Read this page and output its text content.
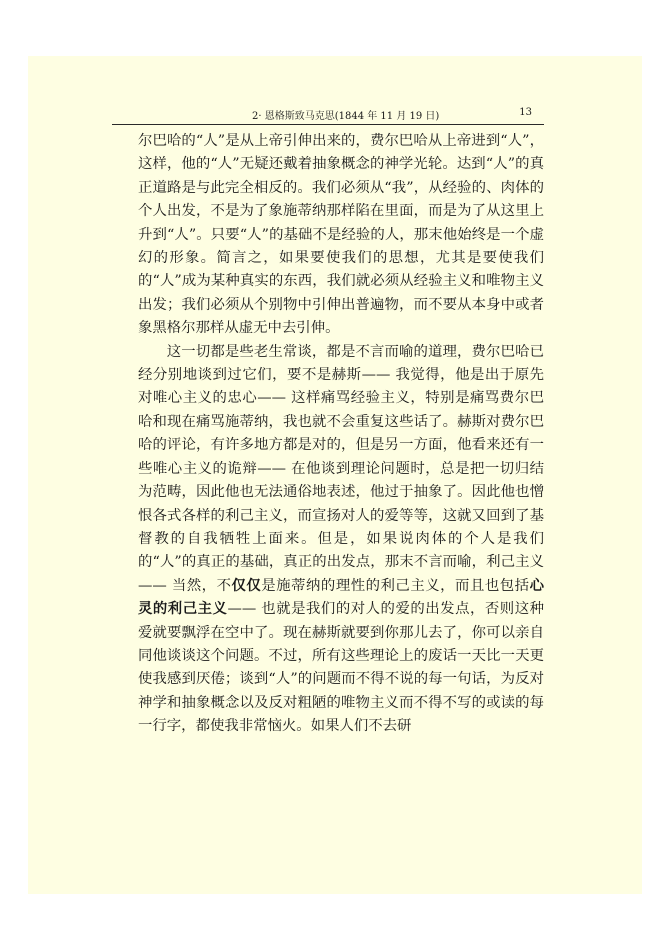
2· 恩格斯致马克思(1844 年 11 月 19 日)	13

尔巴哈的“人”是从上帝引伸出来的，费尔巴哈从上帝进到“人”，这样，他的“人”无疑还戴着抽象概念的神学光轮。达到“人”的真正道路是与此完全相反的。我们必须从“我”，从经验的、肉体的个人出发，不是为了象施蒂纳那样陷在里面，而是为了从这里上升到“人”。只要“人”的基础不是经验的人，那末他始终是一个虚幻的形象。简言之，如果要使我们的思想，尤其是要使我们的“人”成为某种真实的东西，我们就必须从经验主义和唯物主义出发；我们必须从个别物中引伸出普遍物，而不要从本身中或者象黑格尔那样从虚无中去引伸。

这一切都是些老生常谈，都是不言而喻的道理，费尔巴哈已经分别地谈到过它们，要不是赫斯—— 我觉得，他是出于原先对唯心主义的忠心—— 这样痛骂经验主义，特别是痛骂费尔巴哈和现在痛骂施蒂纳，我也就不会重复这些话了。赫斯对费尔巴哈的评论，有许多地方都是对的，但是另一方面，他看来还有一些唯心主义的诡辩—— 在他谈到理论问题时，总是把一切归结为范畴，因此他也无法通俗地表述，他过于抽象了。因此他也憎恨各式各样的利己主义，而宣扬对人的爱等等，这就又回到了基督教的自我牺牲上面来。但是，如果说肉体的个人是我们的“人”的真正的基础，真正的出发点，那末不言而喻，利己主义—— 当然，不仅仅是施蒂纳的理性的利己主义，而且也包括心灵的利己主义—— 也就是我们的对人的爱的出发点，否则这种爱就要飘浮在空中了。现在赫斯就要到你那儿去了，你可以亲自同他谈谈这个问题。不过，所有这些理论上的废话一天比一天更使我感到厌倦；谈到“人”的问题而不得不说的每一句话，为反对神学和抽象概念以及反对粗陋的唯物主义而不得不写的或读的每一行字，都使我非常恼火。如果人们不去研
